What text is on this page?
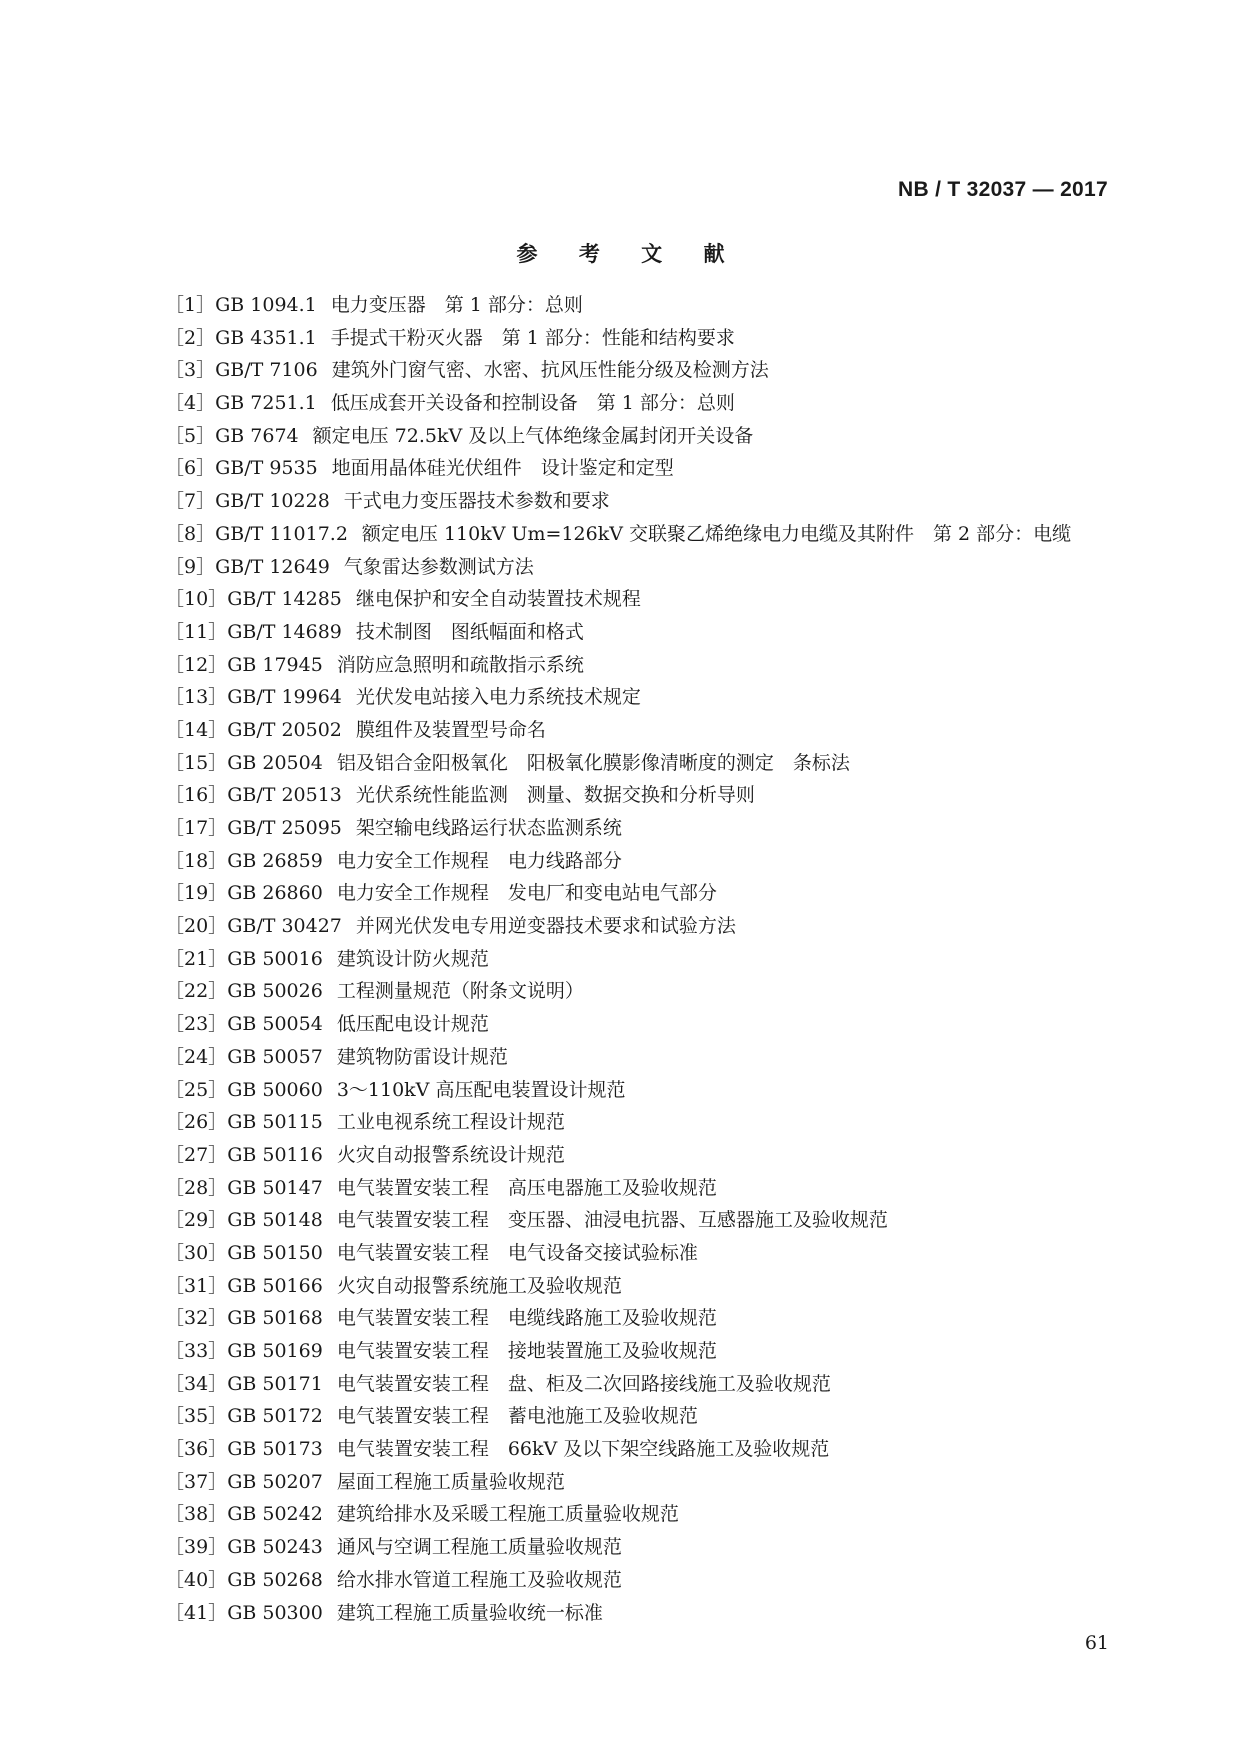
NB / T 32037 — 2017
参 考 文 献
［1］GB 1094.1 电力变压器　第 1 部分：总则
［2］GB 4351.1 手提式干粉灭火器　第 1 部分：性能和结构要求
［3］GB/T 7106 建筑外门窗气密、水密、抗风压性能分级及检测方法
［4］GB 7251.1 低压成套开关设备和控制设备　第 1 部分：总则
［5］GB 7674 额定电压 72.5kV 及以上气体绝缘金属封闭开关设备
［6］GB/T 9535 地面用晶体硅光伏组件　设计鉴定和定型
［7］GB/T 10228 干式电力变压器技术参数和要求
［8］GB/T 11017.2 额定电压 110kV Um=126kV 交联聚乙烯绝缘电力电缆及其附件　第 2 部分：电缆
［9］GB/T 12649 气象雷达参数测试方法
［10］GB/T 14285 继电保护和安全自动装置技术规程
［11］GB/T 14689 技术制图　图纸幅面和格式
［12］GB 17945 消防应急照明和疏散指示系统
［13］GB/T 19964 光伏发电站接入电力系统技术规定
［14］GB/T 20502 膜组件及装置型号命名
［15］GB 20504 铝及铝合金阳极氧化　阳极氧化膜影像清晰度的测定　条标法
［16］GB/T 20513 光伏系统性能监测　测量、数据交换和分析导则
［17］GB/T 25095 架空输电线路运行状态监测系统
［18］GB 26859 电力安全工作规程　电力线路部分
［19］GB 26860 电力安全工作规程　发电厂和变电站电气部分
［20］GB/T 30427 并网光伏发电专用逆变器技术要求和试验方法
［21］GB 50016 建筑设计防火规范
［22］GB 50026 工程测量规范（附条文说明）
［23］GB 50054 低压配电设计规范
［24］GB 50057 建筑物防雷设计规范
［25］GB 50060 3～110kV 高压配电装置设计规范
［26］GB 50115 工业电视系统工程设计规范
［27］GB 50116 火灾自动报警系统设计规范
［28］GB 50147 电气装置安装工程　高压电器施工及验收规范
［29］GB 50148 电气装置安装工程　变压器、油浸电抗器、互感器施工及验收规范
［30］GB 50150 电气装置安装工程　电气设备交接试验标准
［31］GB 50166 火灾自动报警系统施工及验收规范
［32］GB 50168 电气装置安装工程　电缆线路施工及验收规范
［33］GB 50169 电气装置安装工程　接地装置施工及验收规范
［34］GB 50171 电气装置安装工程　盘、柜及二次回路接线施工及验收规范
［35］GB 50172 电气装置安装工程　蓄电池施工及验收规范
［36］GB 50173 电气装置安装工程　66kV 及以下架空线路施工及验收规范
［37］GB 50207 屋面工程施工质量验收规范
［38］GB 50242 建筑给排水及采暖工程施工质量验收规范
［39］GB 50243 通风与空调工程施工质量验收规范
［40］GB 50268 给水排水管道工程施工及验收规范
［41］GB 50300 建筑工程施工质量验收统一标准
61
